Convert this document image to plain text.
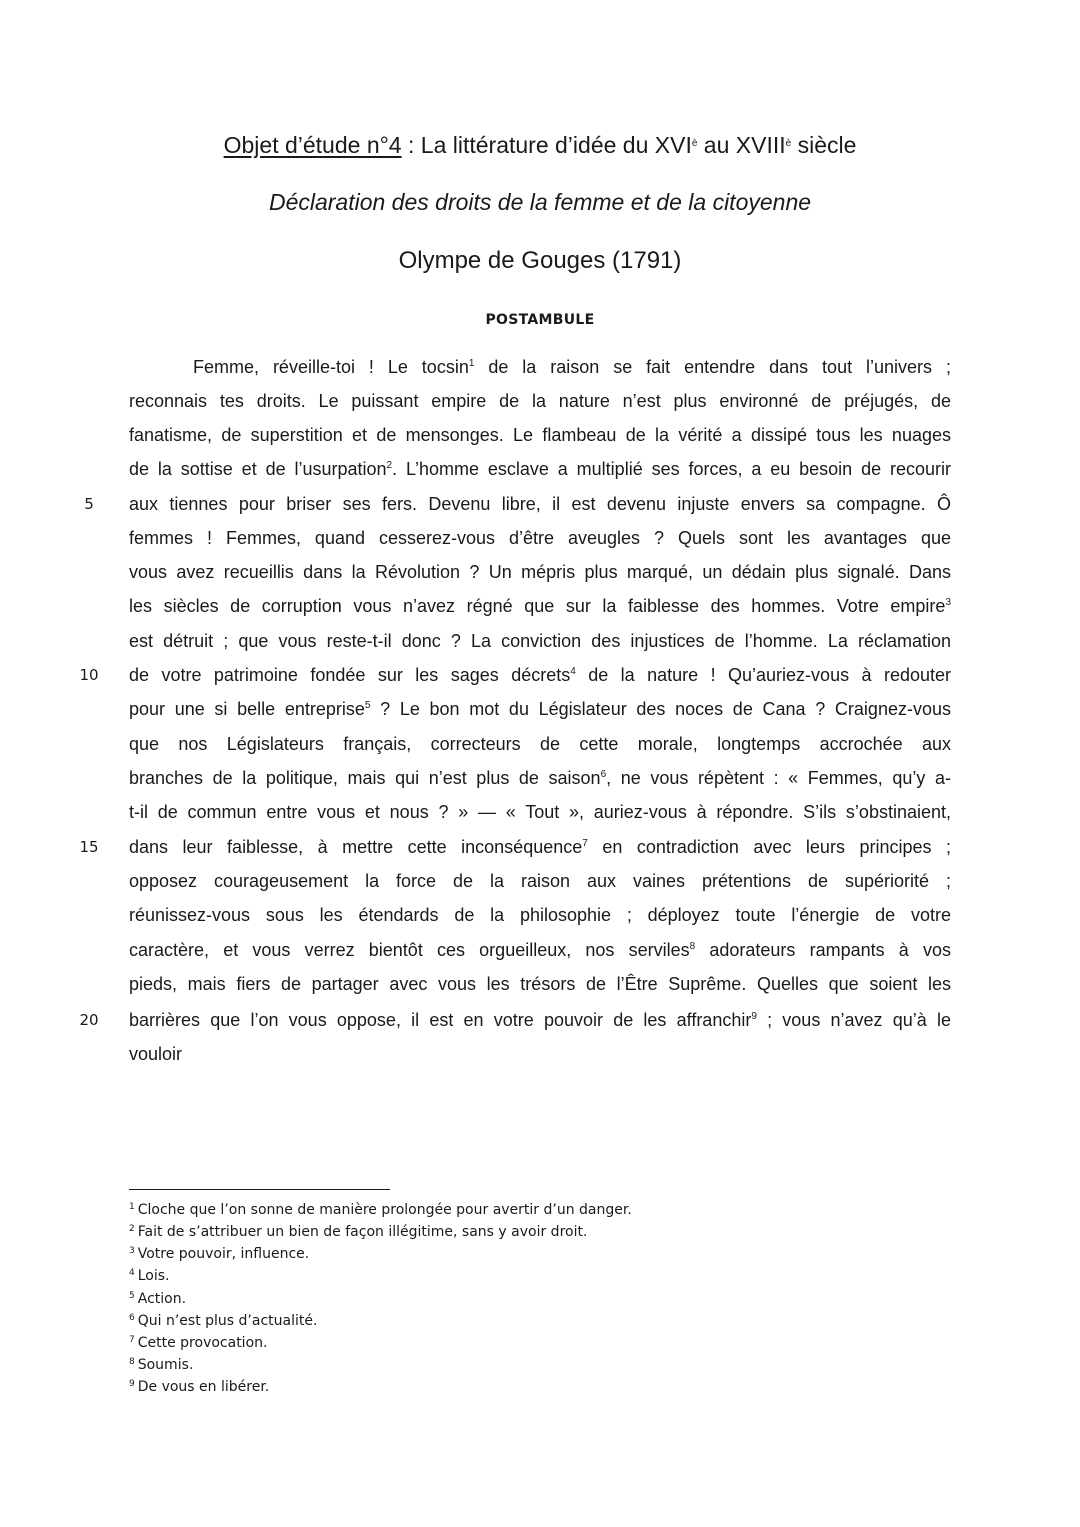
Objet d’étude n°4 : La littérature d’idée du $XVI^è$ au $XVIII^è$ siècle
Déclaration des droits de la femme et de la citoyenne
Olympe de Gouges (1791)
POSTAMBULE
Femme, réveille-toi ! Le tocsin$^1$ de la raison se fait entendre dans tout l’univers ;
reconnais tes droits. Le puissant empire de la nature n’est plus environné de préjugés, de
fanatisme, de superstition et de mensonges. Le flambeau de la vérité a dissipé tous les nuages
de la sottise et de l’usurpation$^2$. L’homme esclave a multiplié ses forces, a eu besoin de recourir
5	aux tiennes pour briser ses fers. Devenu libre, il est devenu injuste envers sa compagne. Ô
femmes ! Femmes, quand cesserez-vous d’être aveugles ? Quels sont les avantages que
vous avez recueillis dans la Révolution ? Un mépris plus marqué, un dédain plus signalé. Dans
les siècles de corruption vous n’avez régné que sur la faiblesse des hommes. Votre empire$^3$
est détruit ; que vous reste-t-il donc ? La conviction des injustices de l’homme. La réclamation
10	de votre patrimoine fondée sur les sages décrets$^4$ de la nature ! Qu’auriez-vous à redouter
pour une si belle entreprise$^5$ ? Le bon mot du Législateur des noces de Cana ? Craignez-vous
que nos Législateurs français, correcteurs de cette morale, longtemps accrochée aux
branches de la politique, mais qui n’est plus de saison$^6$, ne vous répètent : « Femmes, qu’y a-
t-il de commun entre vous et nous ? » — « Tout », auriez-vous à répondre. S’ils s’obstinaient,
15	dans leur faiblesse, à mettre cette inconséquence$^7$ en contradiction avec leurs principes ;
opposez courageusement la force de la raison aux vaines prétentions de supériorité ;
réunissez-vous sous les étendards de la philosophie ; déployez toute l’énergie de votre
caractère, et vous verrez bientôt ces orgueilleux, nos serviles$^8$ adorateurs rampants à vos
pieds, mais fiers de partager avec vous les trésors de l’Être Suprême. Quelles que soient les
20	barrières que l’on vous oppose, il est en votre pouvoir de les affranchir$^9$ ; vous n’avez qu’à le
vouloir
$^1$ Cloche que l’on sonne de manière prolongée pour avertir d’un danger.
$^2$ Fait de s’attribuer un bien de façon illégitime, sans y avoir droit.
$^3$ Votre pouvoir, influence.
$^4$ Lois.
$^5$ Action.
$^6$ Qui n’est plus d’actualité.
$^7$ Cette provocation.
$^8$ Soumis.
$^9$ De vous en libérer.
